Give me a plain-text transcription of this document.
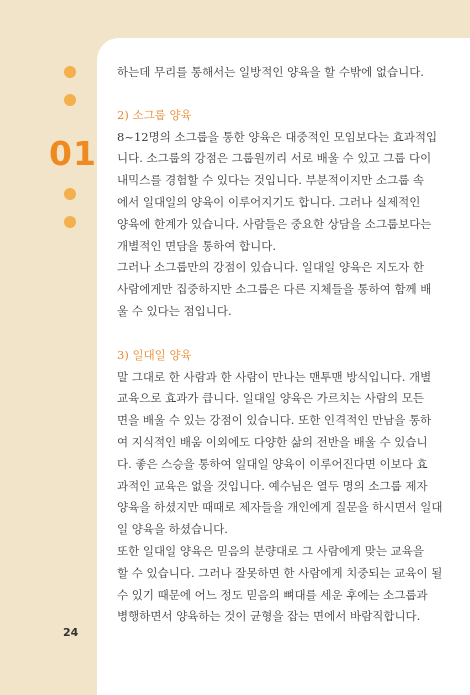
01

하는데 무리를 통해서는 일방적인 양육을 할 수밖에 없습니다.

2) 소그룹 양육

8~12명의 소그룹을 통한 양육은 대중적인 모임보다는 효과적입
니다. 소그룹의 강점은 그룹원끼리 서로 배울 수 있고 그룹 다이
내믹스를 경험할 수 있다는 것입니다. 부분적이지만 소그룹 속
에서 일대일의 양육이 이루어지기도 합니다. 그러나 실제적인
양육에 한계가 있습니다. 사람들은 중요한 상담을 소그룹보다는
개별적인 면담을 통하여 합니다.
그러나 소그룹만의 강점이 있습니다. 일대일 양육은 지도자 한
사람에게만 집중하지만 소그룹은 다른 지체들을 통하여 함께 배
울 수 있다는 점입니다.

3) 일대일 양육

말 그대로 한 사람과 한 사람이 만나는 맨투맨 방식입니다. 개별
교육으로 효과가 큽니다. 일대일 양육은 가르치는 사람의 모든
면을 배울 수 있는 강점이 있습니다. 또한 인격적인 만남을 통하
여 지식적인 배움 이외에도 다양한 삶의 전반을 배울 수 있습니
다. 좋은 스승을 통하여 일대일 양육이 이루어진다면 이보다 효
과적인 교육은 없을 것입니다. 예수님은 열두 명의 소그룹 제자
양육을 하셨지만 때때로 제자들을 개인에게 질문을 하시면서 일대
일 양육을 하셨습니다.
또한 일대일 양육은 믿음의 분량대로 그 사람에게 맞는 교육을
할 수 있습니다. 그러나 잘못하면 한 사람에게 치중되는 교육이 될
수 있기 때문에 어느 정도 믿음의 뼈대를 세운 후에는 소그룹과
병행하면서 양육하는 것이 균형을 잡는 면에서 바람직합니다.

24
